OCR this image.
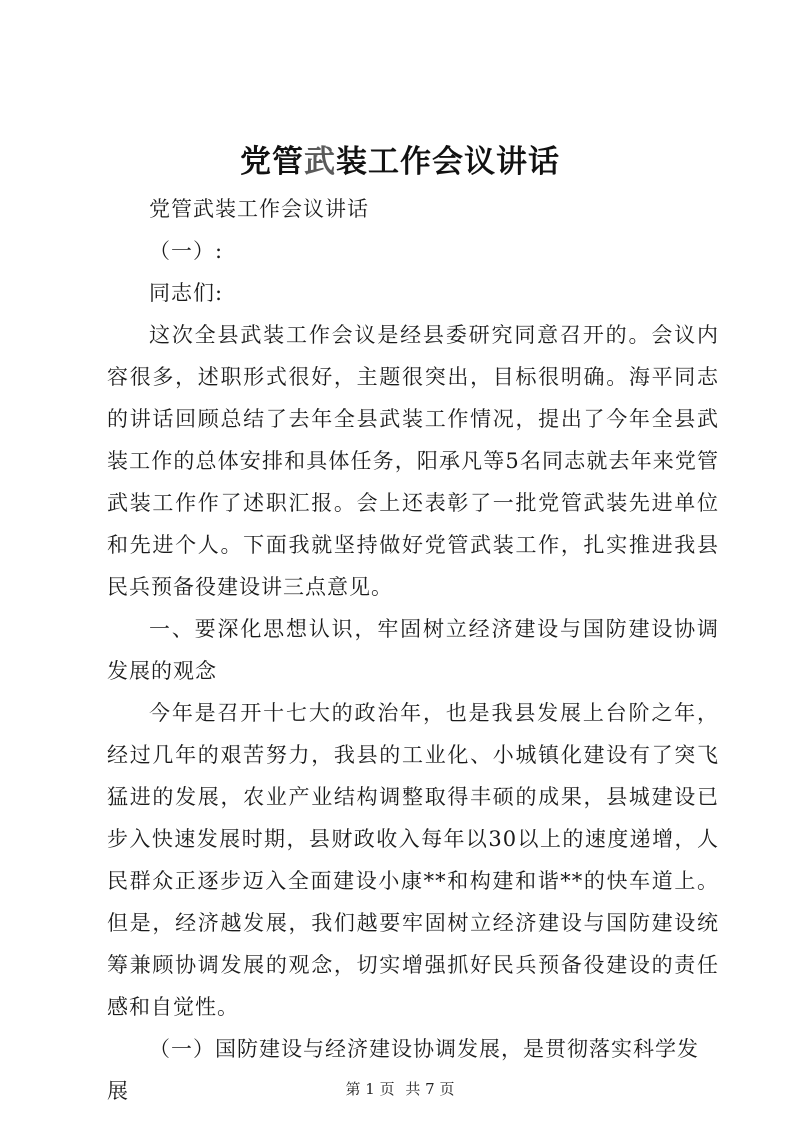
党管武装工作会议讲话

党管武装工作会议讲话

（一）:

同志们:

这次全县武装工作会议是经县委研究同意召开的。会议内容很多，述职形式很好，主题很突出，目标很明确。海平同志的讲话回顾总结了去年全县武装工作情况，提出了今年全县武装工作的总体安排和具体任务，阳承凡等5名同志就去年来党管武装工作作了述职汇报。会上还表彰了一批党管武装先进单位和先进个人。下面我就坚持做好党管武装工作，扎实推进我县民兵预备役建设讲三点意见。

一、要深化思想认识，牢固树立经济建设与国防建设协调发展的观念

今年是召开十七大的政治年，也是我县发展上台阶之年，经过几年的艰苦努力，我县的工业化、小城镇化建设有了突飞猛进的发展，农业产业结构调整取得丰硕的成果，县城建设已步入快速发展时期，县财政收入每年以30以上的速度递增，人民群众正逐步迈入全面建设小康**和构建和谐**的快车道上。但是，经济越发展，我们越要牢固树立经济建设与国防建设统筹兼顾协调发展的观念，切实增强抓好民兵预备役建设的责任感和自觉性。

（一）国防建设与经济建设协调发展，是贯彻落实科学发展	第 1 页 共 7 页
